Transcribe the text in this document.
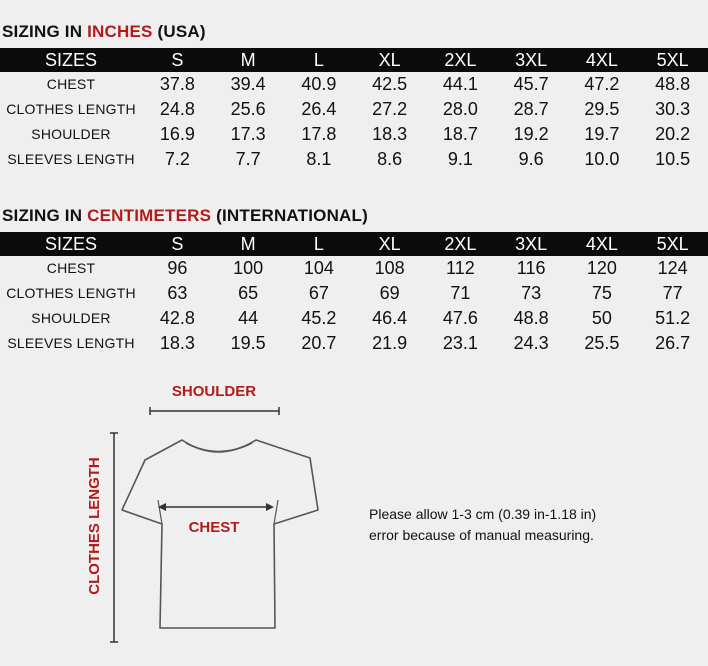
SIZING IN INCHES (USA)
SIZES	S	M	L	XL	2XL	3XL	4XL	5XL
CHEST	37.8	39.4	40.9	42.5	44.1	45.7	47.2	48.8
CLOTHES LENGTH	24.8	25.6	26.4	27.2	28.0	28.7	29.5	30.3
SHOULDER	16.9	17.3	17.8	18.3	18.7	19.2	19.7	20.2
SLEEVES LENGTH	7.2	7.7	8.1	8.6	9.1	9.6	10.0	10.5
SIZING IN CENTIMETERS (INTERNATIONAL)
SIZES	S	M	L	XL	2XL	3XL	4XL	5XL
CHEST	96	100	104	108	112	116	120	124
CLOTHES LENGTH	63	65	67	69	71	73	75	77
SHOULDER	42.8	44	45.2	46.4	47.6	48.8	50	51.2
SLEEVES LENGTH	18.3	19.5	20.7	21.9	23.1	24.3	25.5	26.7
SHOULDER
CLOTHES LENGTH	CHEST
Please allow 1-3 cm (0.39 in-1.18 in)
error because of manual measuring.
